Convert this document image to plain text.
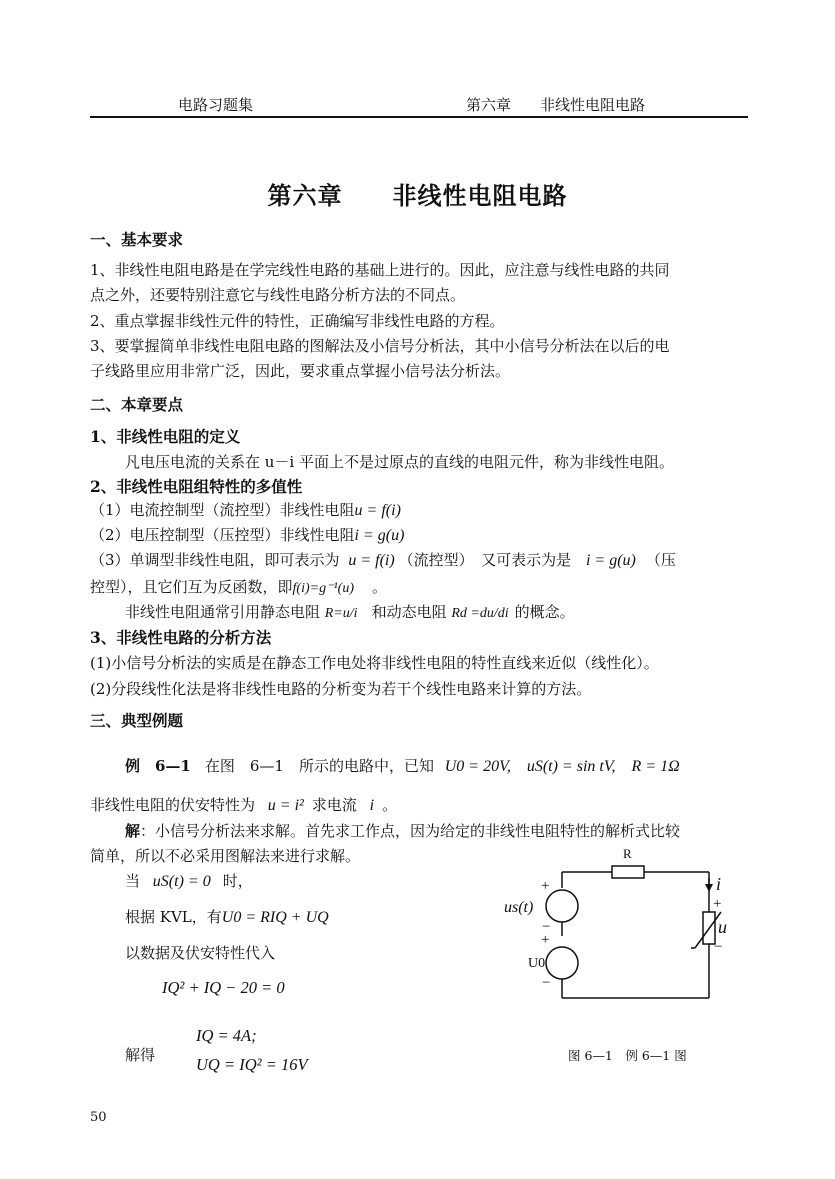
电路习题集	第六章 非线性电阻电路
第六章　　非线性电阻电路
一、基本要求
1、非线性电阻电路是在学完线性电路的基础上进行的。因此，应注意与线性电路的共同
点之外，还要特别注意它与线性电路分析方法的不同点。
2、重点掌握非线性元件的特性，正确编写非线性电路的方程。
3、要掌握简单非线性电阻电路的图解法及小信号分析法，其中小信号分析法在以后的电
子线路里应用非常广泛，因此，要求重点掌握小信号法分析法。
二、本章要点
1、非线性电阻的定义
凡电压电流的关系在 u－i 平面上不是过原点的直线的电阻元件，称为非线性电阻。
2、非线性电阻组特性的多值性
（1）电流控制型（流控型）非线性电阻u = f(i)
（2）电压控制型（压控型）非线性电阻i = g(u)
（3）单调型非线性电阻，即可表示为 u = f(i) （流控型）　又可表示为是 i = g(u) （压
控型），且它们互为反函数，即f(i)=g⁻¹(u) 。
非线性电阻通常引用静态电阻 R=u/i 和动态电阻 Rd =du/di 的概念。
3、非线性电路的分析方法
(1)小信号分析法的实质是在静态工作电处将非线性电阻的特性直线来近似（线性化）。
(2)分段线性化法是将非线性电路的分析变为若干个线性电路来计算的方法。
三、典型例题
例　6—1 在图　6—1　所示的电路中，已知 U0 = 20V,　uS(t) = sin tV,　R = 1Ω
非线性电阻的伏安特性为 u = i² 求电流 i 。
解：小信号分析法来求解。首先求工作点，因为给定的非线性电阻特性的解析式比较
简单，所以不必采用图解法来进行求解。
当 uS(t) = 0 时，
根据 KVL，有U0 = RIQ + UQ
以数据及伏安特性代入
IQ² + IQ − 20 = 0
解得
IQ = 4A;
UQ = IQ² = 16V
+
−
+
−
+
−
R
us(t)
U0
i
u
图 6—1　例 6—1 图
50
